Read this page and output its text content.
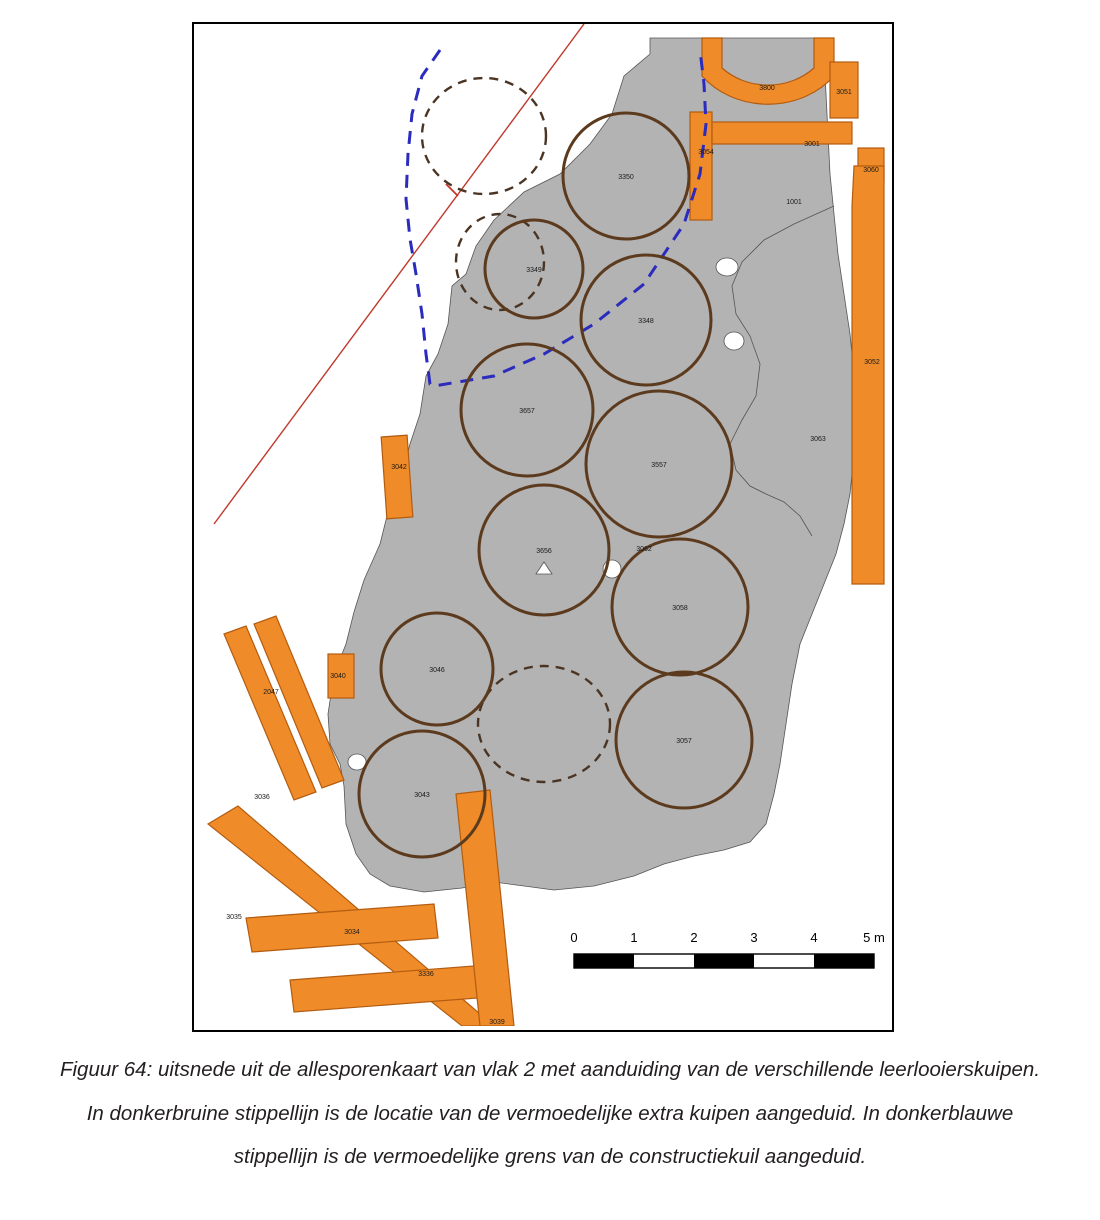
3350
3349
3348
3657
3557
3656
3058
3046
3057
3043
3800
3051
3054
3001
3060
1001
3052
3063
3042
3062
3040
2047
3036
3035
3034
3336
3039
0	1	2	3	4	5 m

Figuur 64: uitsnede uit de allesporenkaart van vlak 2 met aanduiding van de verschillende leerlooierskuipen.

In donkerbruine stippellijn is de locatie van de vermoedelijke extra kuipen aangeduid. In donkerblauwe

stippellijn is de vermoedelijke grens van de constructiekuil aangeduid.
